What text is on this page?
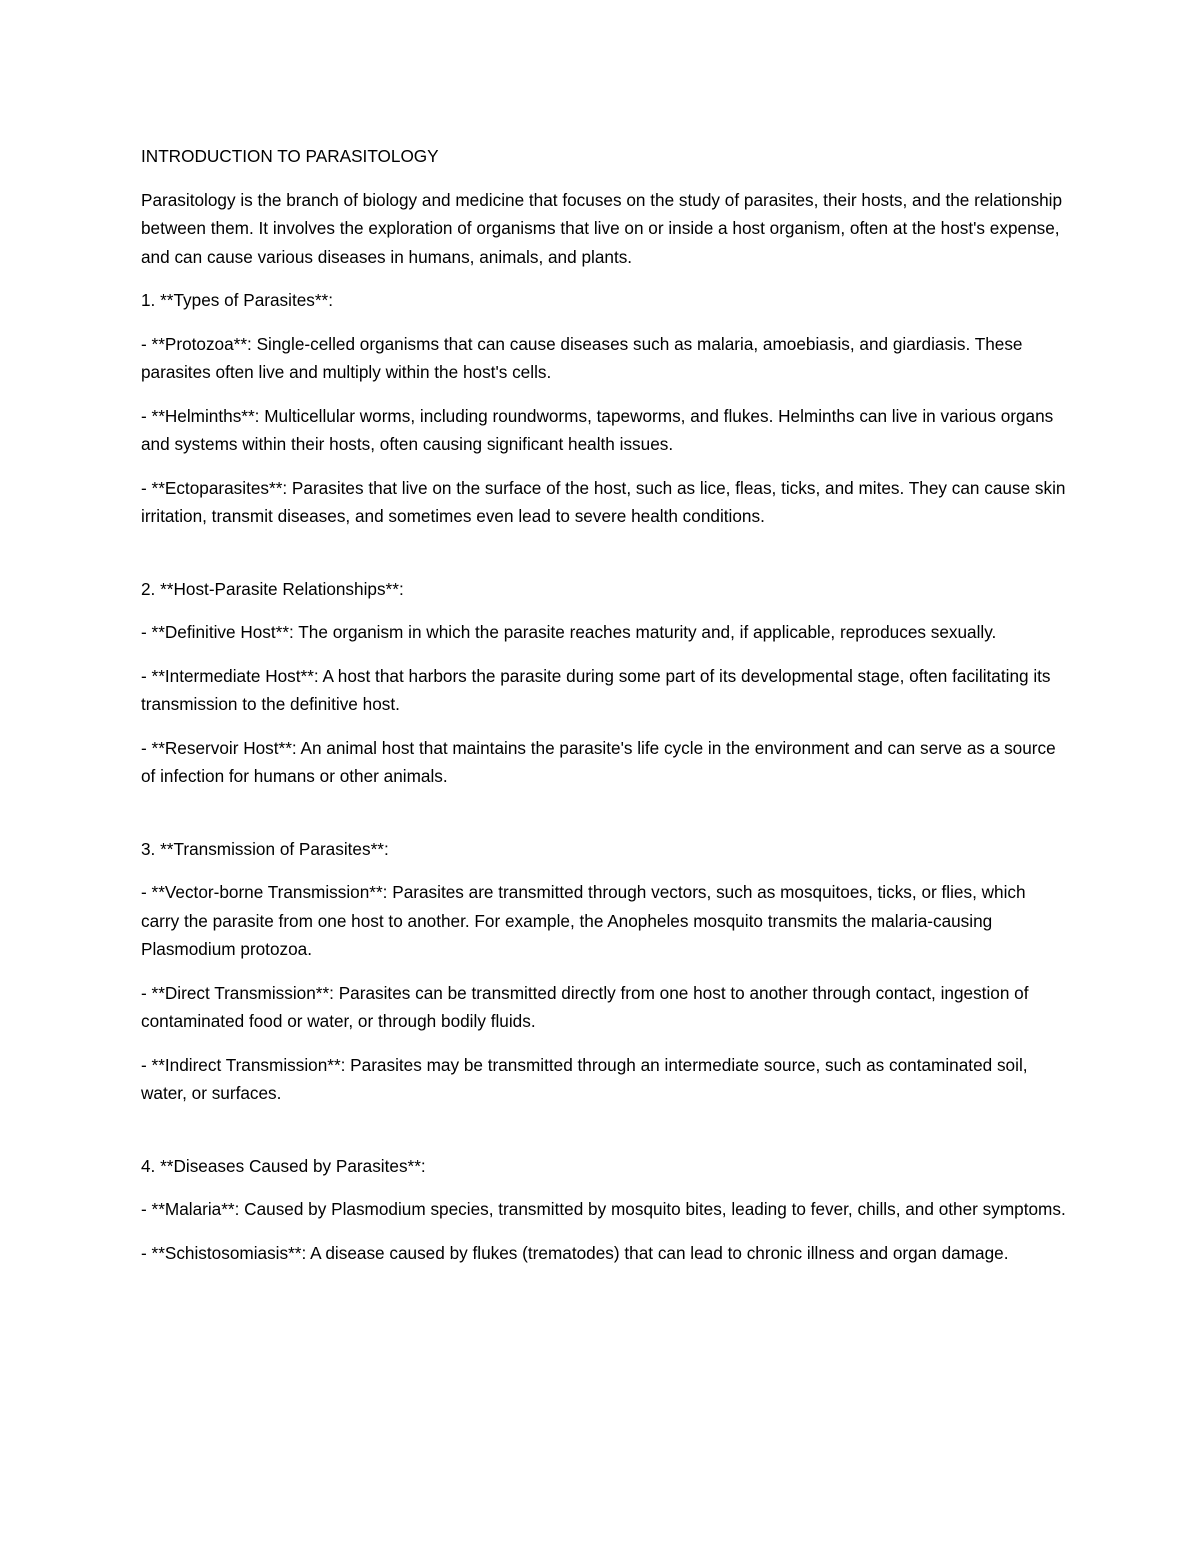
INTRODUCTION TO PARASITOLOGY

Parasitology is the branch of biology and medicine that focuses on the study of parasites, their hosts, and the relationship between them. It involves the exploration of organisms that live on or inside a host organism, often at the host's expense, and can cause various diseases in humans, animals, and plants.

1. **Types of Parasites**:

- **Protozoa**: Single-celled organisms that can cause diseases such as malaria, amoebiasis, and giardiasis. These parasites often live and multiply within the host's cells.

- **Helminths**: Multicellular worms, including roundworms, tapeworms, and flukes. Helminths can live in various organs and systems within their hosts, often causing significant health issues.

- **Ectoparasites**: Parasites that live on the surface of the host, such as lice, fleas, ticks, and mites. They can cause skin irritation, transmit diseases, and sometimes even lead to severe health conditions.

2. **Host-Parasite Relationships**:

- **Definitive Host**: The organism in which the parasite reaches maturity and, if applicable, reproduces sexually.

- **Intermediate Host**: A host that harbors the parasite during some part of its developmental stage, often facilitating its transmission to the definitive host.

- **Reservoir Host**: An animal host that maintains the parasite's life cycle in the environment and can serve as a source of infection for humans or other animals.

3. **Transmission of Parasites**:

- **Vector-borne Transmission**: Parasites are transmitted through vectors, such as mosquitoes, ticks, or flies, which carry the parasite from one host to another. For example, the Anopheles mosquito transmits the malaria-causing Plasmodium protozoa.

- **Direct Transmission**: Parasites can be transmitted directly from one host to another through contact, ingestion of contaminated food or water, or through bodily fluids.

- **Indirect Transmission**: Parasites may be transmitted through an intermediate source, such as contaminated soil, water, or surfaces.

4. **Diseases Caused by Parasites**:

- **Malaria**: Caused by Plasmodium species, transmitted by mosquito bites, leading to fever, chills, and other symptoms.

- **Schistosomiasis**: A disease caused by flukes (trematodes) that can lead to chronic illness and organ damage.
